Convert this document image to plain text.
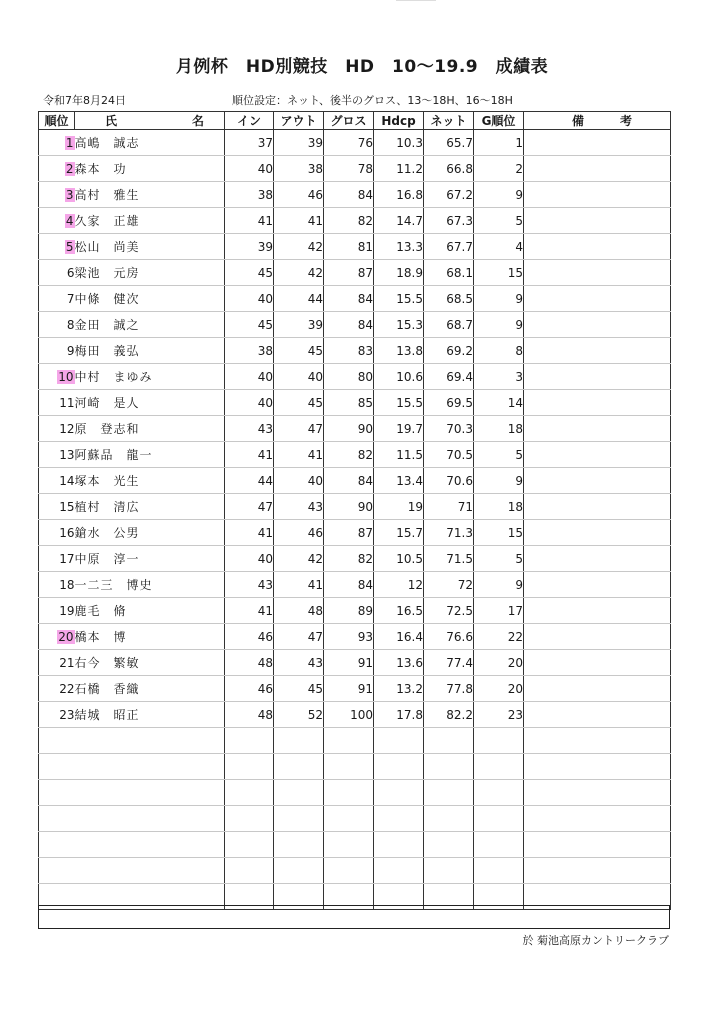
月例杯　HD別競技　HD　10〜19.9　成績表
令和7年8月24日	順位設定：ネット、後半のグロス、13〜18H、16〜18H
順位	氏 名	イン	アウト	グロス	Hdcp	ネット	G順位	備 考

1	高嶋　誠志	37	39	76	10.3	65.7	1	
2	森本　功	40	38	78	11.2	66.8	2	
3	高村　雅生	38	46	84	16.8	67.2	9	
4	久家　正雄	41	41	82	14.7	67.3	5	
5	松山　尚美	39	42	81	13.3	67.7	4	
6	梁池　元房	45	42	87	18.9	68.1	15	
7	中條　健次	40	44	84	15.5	68.5	9	
8	金田　誠之	45	39	84	15.3	68.7	9	
9	梅田　義弘	38	45	83	13.8	69.2	8	
10	中村　まゆみ	40	40	80	10.6	69.4	3	
11	河崎　是人	40	45	85	15.5	69.5	14	
12	原　登志和	43	47	90	19.7	70.3	18	
13	阿蘇品　龍一	41	41	82	11.5	70.5	5	
14	塚本　光生	44	40	84	13.4	70.6	9	
15	植村　清広	47	43	90	19	71	18	
16	鎗水　公男	41	46	87	15.7	71.3	15	
17	中原　淳一	40	42	82	10.5	71.5	5	
18	一二三　博史	43	41	84	12	72	9	
19	鹿毛　脩	41	48	89	16.5	72.5	17	
20	橋本　博	46	47	93	16.4	76.6	22	
21	右今　繁敏	48	43	91	13.6	77.4	20	
22	石橋　香織	46	45	91	13.2	77.8	20	
23	結城　昭正	48	52	100	17.8	82.2	23	

於 菊池高原カントリークラブ
